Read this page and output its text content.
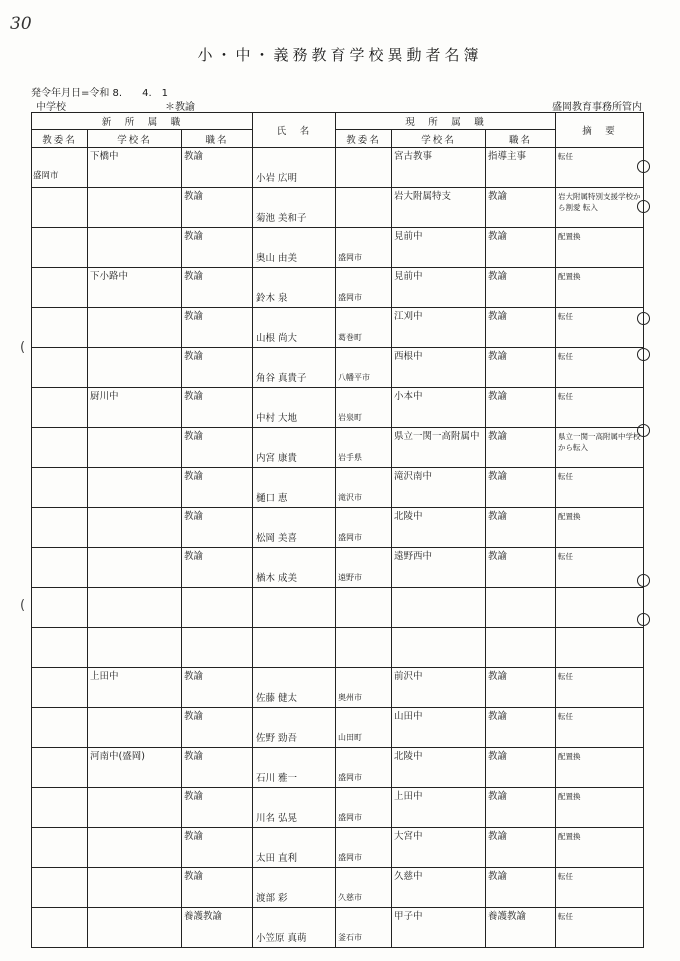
30
小・中・義務教育学校異動者名簿
発令年月日=令和 8.　　4.　1
中学校	＊教諭	盛岡教育事務所管内
新　所　属　職			氏　名	現　所　属　職			摘　要
教委名	学校名	職名		教委名	学校名	職名	

盛岡市	下橋中	教諭	小岩 広明		宮古教事	指導主事	転任

		教諭	菊池 美和子		岩大附属特支	教諭	岩大附属特別支援学校から割愛 転入

		教諭	奥山 由美	盛岡市	見前中	教諭	配置換

	下小路中	教諭	鈴木 泉	盛岡市	見前中	教諭	配置換

		教諭	山根 尚大	葛巻町	江刈中	教諭	転任

		教諭	角谷 真貴子	八幡平市	西根中	教諭	転任

	厨川中	教諭	中村 大地	岩泉町	小本中	教諭	転任

		教諭	内宮 康貴	岩手県	県立一関一高附属中	教諭	県立一関一高附属中学校から転入

		教諭	樋口 恵	滝沢市	滝沢南中	教諭	転任

		教諭	松岡 美喜	盛岡市	北陵中	教諭	配置換

		教諭	楢木 成美	遠野市	遠野西中	教諭	転任

	上田中	教諭	佐藤 健太	奥州市	前沢中	教諭	転任

		教諭	佐野 勁吾	山田町	山田中	教諭	転任

	河南中(盛岡)	教諭	石川 雅一	盛岡市	北陵中	教諭	配置換

		教諭	川名 弘晃	盛岡市	上田中	教諭	配置換

		教諭	太田 直利	盛岡市	大宮中	教諭	配置換

		教諭	渡部 彩	久慈市	久慈中	教諭	転任

		養護教諭	小笠原 真萌	釜石市	甲子中	養護教諭	転任
(
(
